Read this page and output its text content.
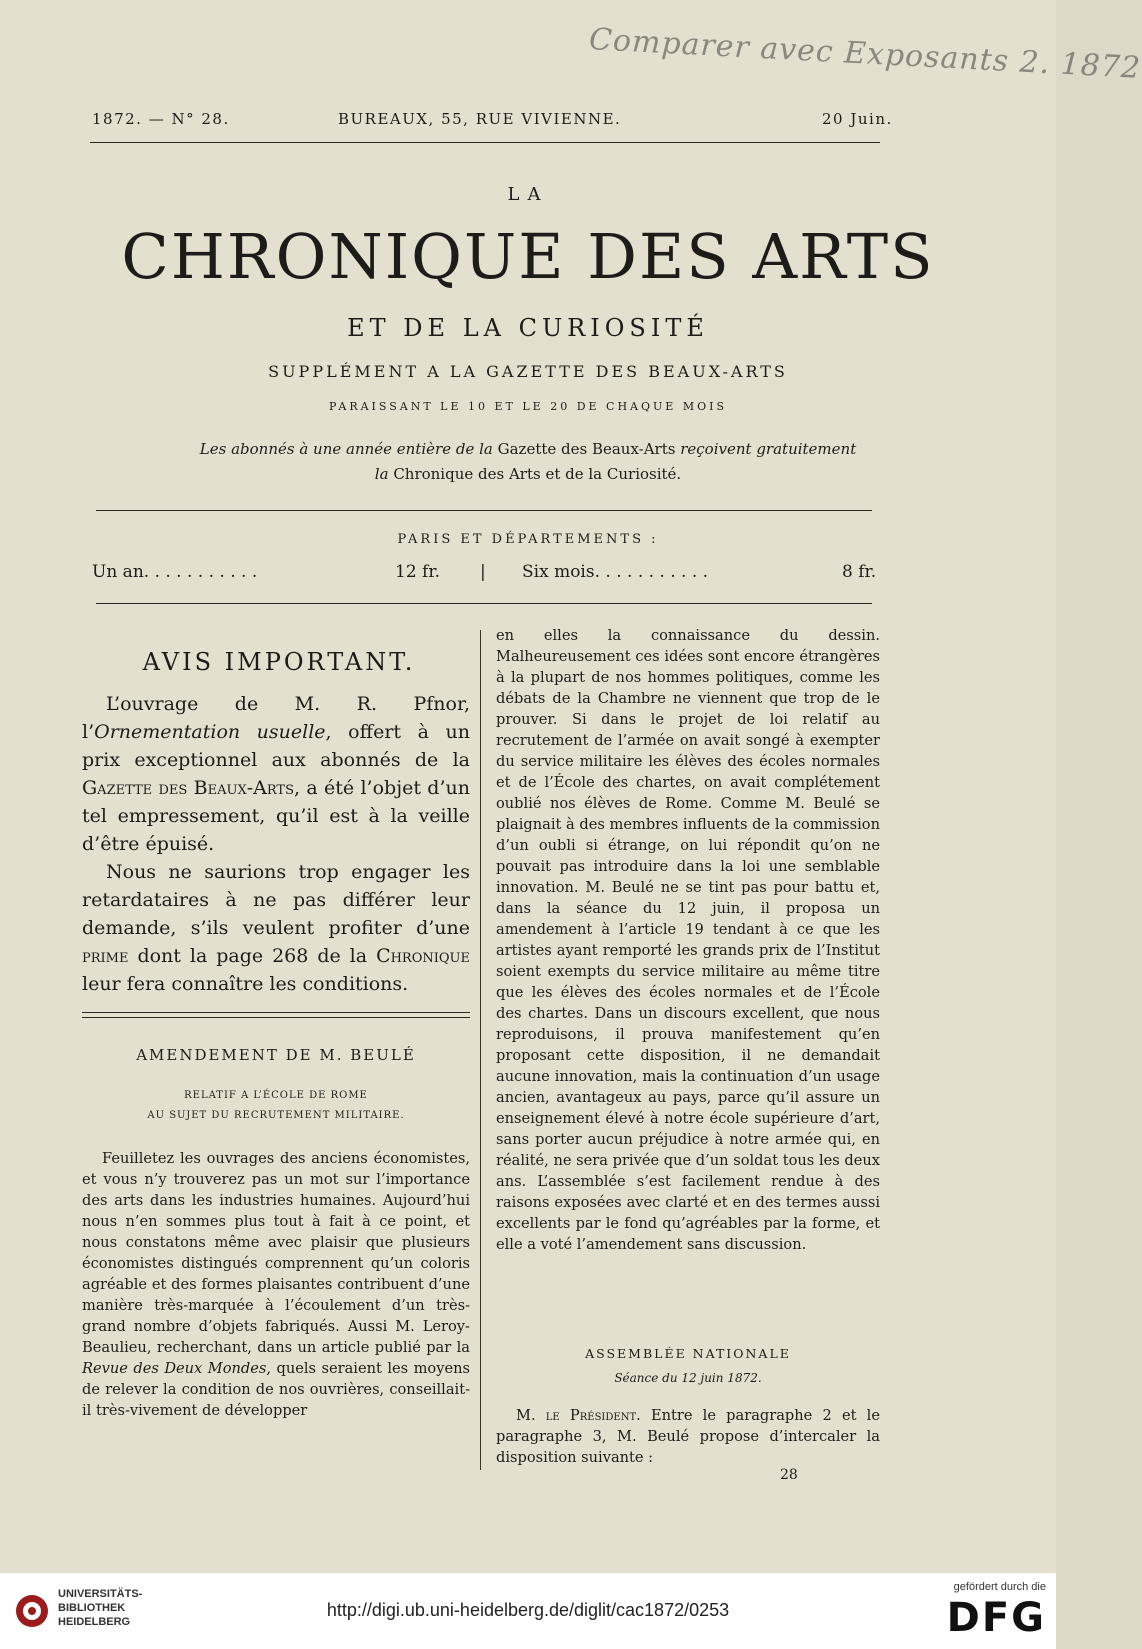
Comparer avec Exposants 2. 1872
1872. — N° 28.	BUREAUX, 55, RUE VIVIENNE.	20 Juin.
LA
CHRONIQUE DES ARTS
ET DE LA CURIOSITÉ
SUPPLÉMENT A LA GAZETTE DES BEAUX-ARTS
PARAISSANT LE 10 ET LE 20 DE CHAQUE MOIS
Les abonnés à une année entière de la Gazette des Beaux-Arts reçoivent gratuitement
la Chronique des Arts et de la Curiosité.
PARIS ET DÉPARTEMENTS :
Un an. . . . . . . . . . .	12 fr. | Six mois. . . . . . . . . . .	8 fr.
AVIS IMPORTANT.

L’ouvrage de M. R. Pfnor, l’Ornementation usuelle, offert à un prix exceptionnel aux abonnés de la Gazette des Beaux-Arts, a été l’objet d’un tel empressement, qu’il est à la veille d’être épuisé.

Nous ne saurions trop engager les retardataires à ne pas différer leur demande, s’ils veulent profiter d’une prime dont la page 268 de la Chronique leur fera connaître les conditions.

AMENDEMENT DE M. BEULÉ
RELATIF A L’ÉCOLE DE ROME
AU SUJET DU RECRUTEMENT MILITAIRE.

Feuilletez les ouvrages des anciens économistes, et vous n’y trouverez pas un mot sur l’importance des arts dans les industries humaines. Aujourd’hui nous n’en sommes plus tout à fait à ce point, et nous constatons même avec plaisir que plusieurs économistes distingués comprennent qu’un coloris agréable et des formes plaisantes contribuent d’une manière très-marquée à l’écoulement d’un très-grand nombre d’objets fabriqués. Aussi M. Leroy-Beaulieu, recherchant, dans un article publié par la Revue des Deux Mondes, quels seraient les moyens de relever la condition de nos ouvrières, conseillait-il très-vivement de développer

en elles la connaissance du dessin. Malheureusement ces idées sont encore étrangères à la plupart de nos hommes politiques, comme les débats de la Chambre ne viennent que trop de le prouver. Si dans le projet de loi relatif au recrutement de l’armée on avait songé à exempter du service militaire les élèves des écoles normales et de l’École des chartes, on avait complétement oublié nos élèves de Rome. Comme M. Beulé se plaignait à des membres influents de la commission d’un oubli si étrange, on lui répondit qu’on ne pouvait pas introduire dans la loi une semblable innovation. M. Beulé ne se tint pas pour battu et, dans la séance du 12 juin, il proposa un amendement à l’article 19 tendant à ce que les artistes ayant remporté les grands prix de l’Institut soient exempts du service militaire au même titre que les élèves des écoles normales et de l’École des chartes. Dans un discours excellent, que nous reproduisons, il prouva manifestement qu’en proposant cette disposition, il ne demandait aucune innovation, mais la continuation d’un usage ancien, avantageux au pays, parce qu’il assure un enseignement élevé à notre école supérieure d’art, sans porter aucun préjudice à notre armée qui, en réalité, ne sera privée que d’un soldat tous les deux ans. L’assemblée s’est facilement rendue à des raisons exposées avec clarté et en des termes aussi excellents par le fond qu’agréables par la forme, et elle a voté l’amendement sans discussion.

ASSEMBLÉE NATIONALE
Séance du 12 juin 1872.

M. le Président. Entre le paragraphe 2 et le paragraphe 3, M. Beulé propose d’intercaler la disposition suivante :

28
UNIVERSITÄTS-
BIBLIOTHEK
HEIDELBERG
http://digi.ub.uni-heidelberg.de/diglit/cac1872/0253
gefördert durch die
DFG
